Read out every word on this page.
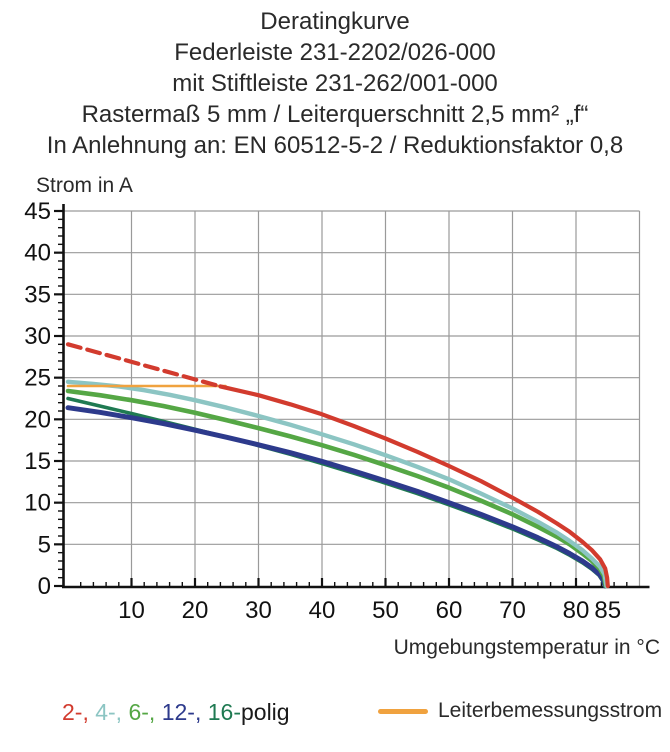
Deratingkurve
Federleiste 231-2202/026-000
mit Stiftleiste 231-262/001-000
Rastermaß 5 mm / Leiterquerschnitt 2,5 mm² „f“
In Anlehnung an: EN 60512-5-2 / Reduktionsfaktor 0,8
Strom in A
0
5
10
15
20
25
30
35
40
45
10 20 30 40 50 60 70 80 85
Umgebungstemperatur in °C
2-, 4-, 6-, 12-, 16-polig	Leiterbemessungsstrom
